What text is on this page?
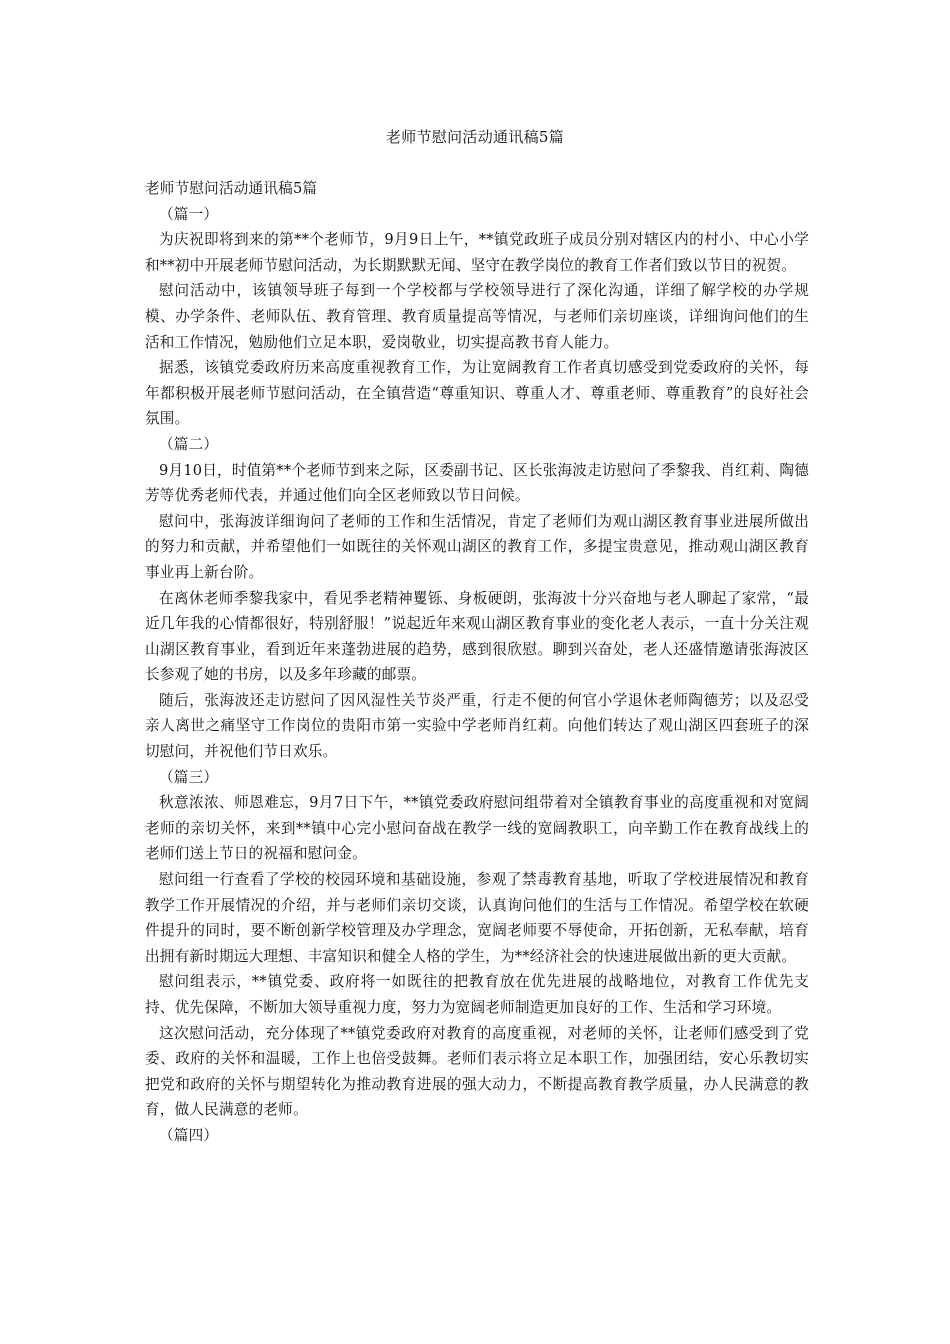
老师节慰问活动通讯稿5篇

老师节慰问活动通讯稿5篇

（篇一）

为庆祝即将到来的第**个老师节，9月9日上午，**镇党政班子成员分别对辖区内的村小、中心小学和**初中开展老师节慰问活动，为长期默默无闻、坚守在教学岗位的教育工作者们致以节日的祝贺。

慰问活动中，该镇领导班子每到一个学校都与学校领导进行了深化沟通，详细了解学校的办学规模、办学条件、老师队伍、教育管理、教育质量提高等情况，与老师们亲切座谈，详细询问他们的生活和工作情况，勉励他们立足本职，爱岗敬业，切实提高教书育人能力。

据悉，该镇党委政府历来高度重视教育工作，为让宽阔教育工作者真切感受到党委政府的关怀，每年都积极开展老师节慰问活动，在全镇营造“尊重知识、尊重人才、尊重老师、尊重教育”的良好社会氛围。

（篇二）

9月10日，时值第**个老师节到来之际，区委副书记、区长张海波走访慰问了季黎我、肖红莉、陶德芳等优秀老师代表，并通过他们向全区老师致以节日问候。

慰问中，张海波详细询问了老师的工作和生活情况，肯定了老师们为观山湖区教育事业进展所做出的努力和贡献，并希望他们一如既往的关怀观山湖区的教育工作，多提宝贵意见，推动观山湖区教育事业再上新台阶。

在离休老师季黎我家中，看见季老精神矍铄、身板硬朗，张海波十分兴奋地与老人聊起了家常，“最近几年我的心情都很好，特别舒服！”说起近年来观山湖区教育事业的变化老人表示，一直十分关注观山湖区教育事业，看到近年来蓬勃进展的趋势，感到很欣慰。聊到兴奋处，老人还盛情邀请张海波区长参观了她的书房，以及多年珍藏的邮票。

随后，张海波还走访慰问了因风湿性关节炎严重，行走不便的何官小学退休老师陶德芳；以及忍受亲人离世之痛坚守工作岗位的贵阳市第一实验中学老师肖红莉。向他们转达了观山湖区四套班子的深切慰问，并祝他们节日欢乐。

（篇三）

秋意浓浓、师恩难忘，9月7日下午，**镇党委政府慰问组带着对全镇教育事业的高度重视和对宽阔老师的亲切关怀，来到**镇中心完小慰问奋战在教学一线的宽阔教职工，向辛勤工作在教育战线上的老师们送上节日的祝福和慰问金。

慰问组一行查看了学校的校园环境和基础设施，参观了禁毒教育基地，听取了学校进展情况和教育教学工作开展情况的介绍，并与老师们亲切交谈，认真询问他们的生活与工作情况。希望学校在软硬件提升的同时，要不断创新学校管理及办学理念，宽阔老师要不辱使命，开拓创新，无私奉献，培育出拥有新时期远大理想、丰富知识和健全人格的学生，为**经济社会的快速进展做出新的更大贡献。

慰问组表示，**镇党委、政府将一如既往的把教育放在优先进展的战略地位，对教育工作优先支持、优先保障，不断加大领导重视力度，努力为宽阔老师制造更加良好的工作、生活和学习环境。

这次慰问活动，充分体现了**镇党委政府对教育的高度重视，对老师的关怀，让老师们感受到了党委、政府的关怀和温暖，工作上也倍受鼓舞。老师们表示将立足本职工作，加强团结，安心乐教切实把党和政府的关怀与期望转化为推动教育进展的强大动力，不断提高教育教学质量，办人民满意的教育，做人民满意的老师。

（篇四）
